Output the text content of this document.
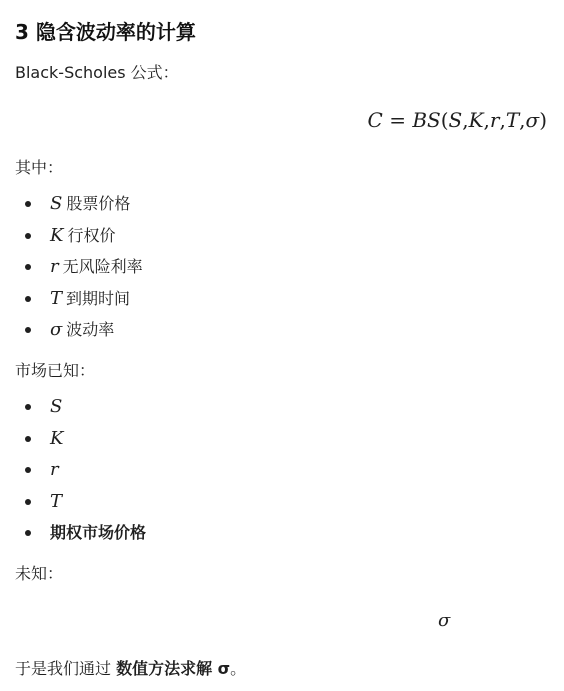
3 隐含波动率的计算

Black-Scholes 公式：

C = BS(S,K,r,T,σ)

其中：

S 股票价格
K 行权价
r 无风险利率
T 到期时间
σ 波动率

市场已知：

S
K
r
T
期权市场价格

未知：

σ

于是我们通过 数值方法求解 σ。
